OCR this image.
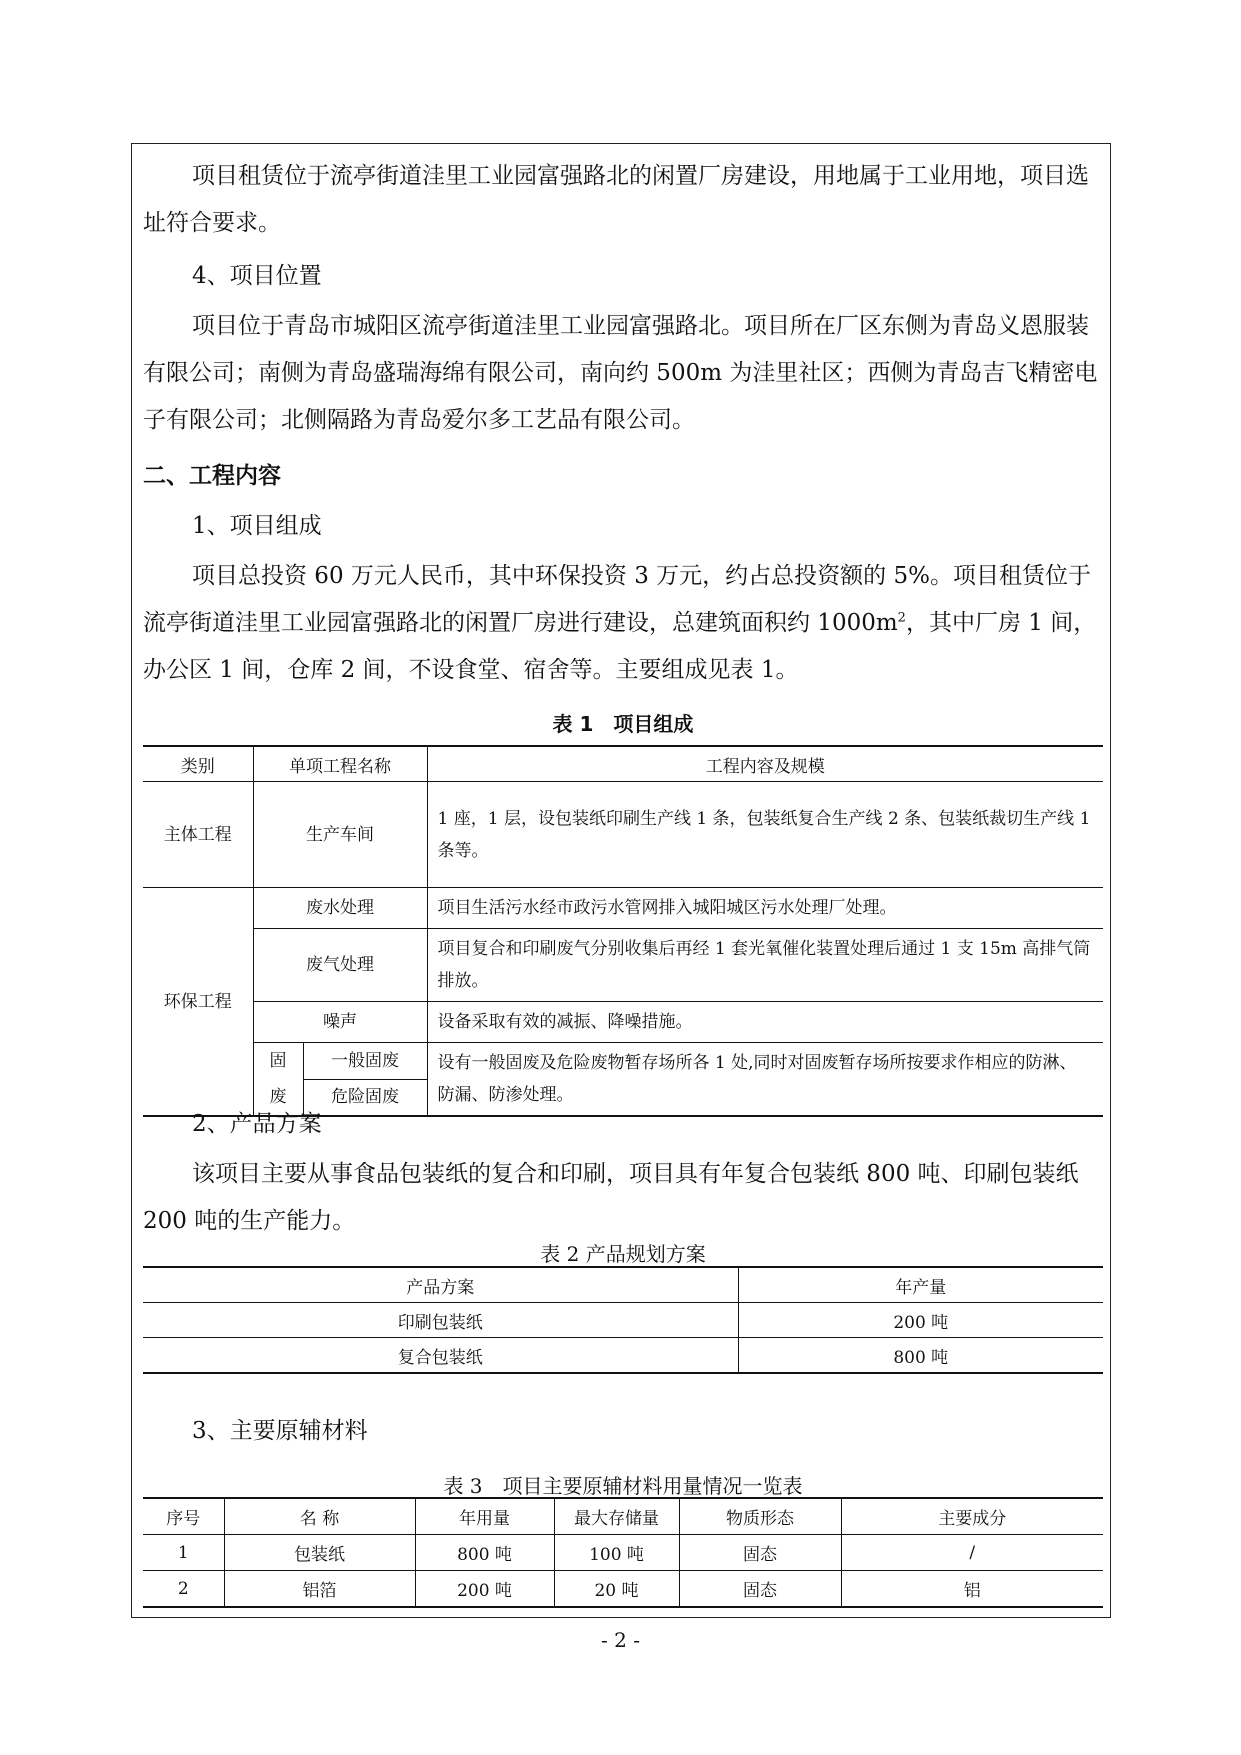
项目租赁位于流亭街道洼里工业园富强路北的闲置厂房建设，用地属于工业用地，项目选址符合要求。
4、项目位置
项目位于青岛市城阳区流亭街道洼里工业园富强路北。项目所在厂区东侧为青岛义恩服装有限公司；南侧为青岛盛瑞海绵有限公司，南向约 500m 为洼里社区；西侧为青岛吉飞精密电子有限公司；北侧隔路为青岛爱尔多工艺品有限公司。
二、工程内容
1、项目组成
项目总投资 60 万元人民币，其中环保投资 3 万元，约占总投资额的 5%。项目租赁位于流亭街道洼里工业园富强路北的闲置厂房进行建设，总建筑面积约 $1000m^2$，其中厂房 1 间，办公区 1 间，仓库 2 间，不设食堂、宿舍等。主要组成见表 1。
表 1　项目组成
类别	单项工程名称		工程内容及规模
主体工程	生产车间		1 座，1 层，设包装纸印刷生产线 1 条，包装纸复合生产线 2 条、包装纸裁切生产线 1 条等。
环保工程	废水处理		项目生活污水经市政污水管网排入城阳城区污水处理厂处理。
	废气处理		项目复合和印刷废气分别收集后再经 1 套光氧催化装置处理后通过 1 支 15m 高排气筒排放。
	噪声		设备采取有效的减振、降噪措施。
	固	一般固废	设有一般固废及危险废物暂存场所各 1 处,同时对固废暂存场所按要求作相应的防淋、防漏、防渗处理。
	废	危险固废	
2、产品方案
该项目主要从事食品包装纸的复合和印刷，项目具有年复合包装纸 800 吨、印刷包装纸 200 吨的生产能力。
表 2 产品规划方案
产品方案	年产量
印刷包装纸	200 吨
复合包装纸	800 吨
3、主要原辅材料
表 3　项目主要原辅材料用量情况一览表
序号	名 称	年用量	最大存储量	物质形态	主要成分
1	包装纸	800 吨	100 吨	固态	/
2	铝箔	200 吨	20 吨	固态	铝
- 2 -
